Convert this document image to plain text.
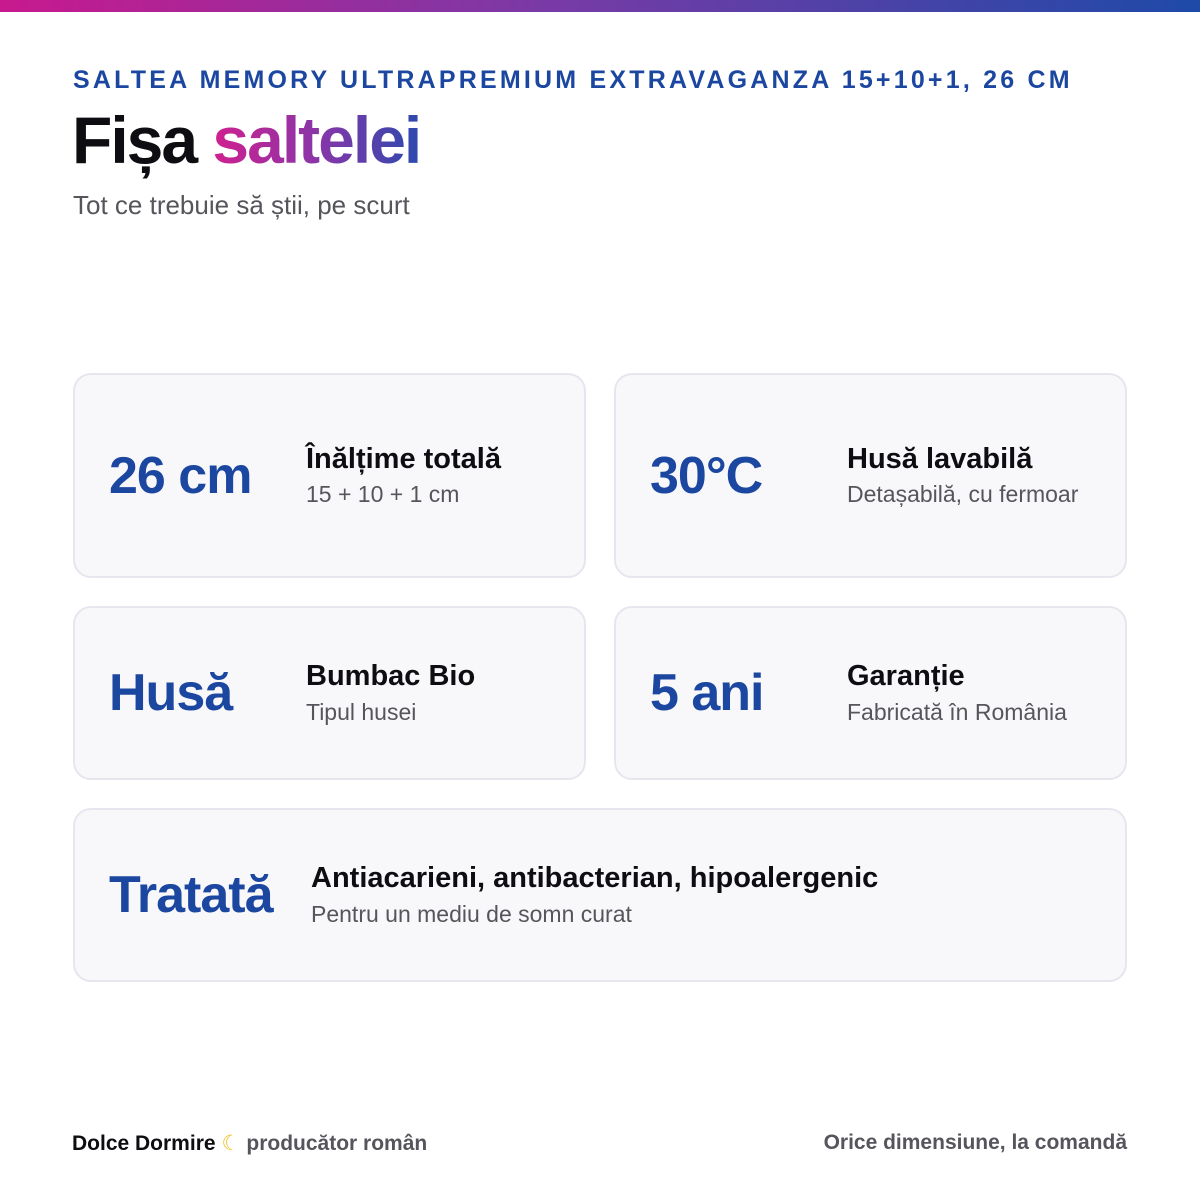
SALTEA MEMORY ULTRAPREMIUM EXTRAVAGANZA 15+10+1, 26 CM
Fișa saltelei
Tot ce trebuie să știi, pe scurt
26 cm Înălțime totală
15 + 10 + 1 cm	30°C	Husă lavabilă
Detașabilă, cu fermoar
Husă	Bumbac Bio
Tipul husei	5 ani	Garanție
Fabricată în România
Tratată Antiacarieni, antibacterian, hipoalergenic
Pentru un mediu de somn curat
Dolce Dormire ☾ producător român	Orice dimensiune, la comandă
